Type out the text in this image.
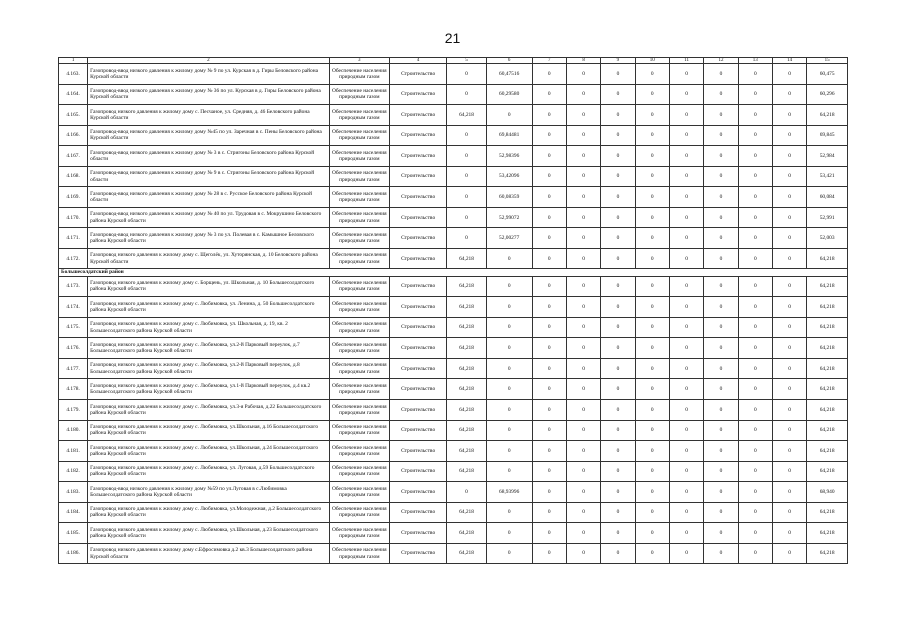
21
1	2	3	4	5	6	7	8	9	10	11	12	13	14	15
4.163.	Газопровод-ввод низкого давления к жилому дому № 9 по ул. Курская в д. Гиры Беловского района Курской области	Обеспечение населения природным газом	Строительство	0	60,47516	0	0	0	0	0	0	0	0	60,475
4.164.	Газопровод-ввод низкого давления к жилому дому № 36 по ул. Курская в д. Гиры Беловского района Курской области	Обеспечение населения природным газом	Строительство	0	60,29580	0	0	0	0	0	0	0	0	60,296
4.165.	Газопровод низкого давления к жилому дому с. Песчаное, ул. Средняя, д. 46 Беловского района Курской области	Обеспечение населения природным газом	Строительство	64,218	0	0	0	0	0	0	0	0	0	64,218
4.166.	Газопровод-ввод низкого давления к жилому дому №45 по ул. Заречная в с. Пены Беловского района Курской области	Обеспечение населения природным газом	Строительство	0	69,84481	0	0	0	0	0	0	0	0	69,845
4.167.	Газопровод-ввод низкого давления к жилому дому № 3 в с. Стригоны Беловского района Курской области	Обеспечение населения природным газом	Строительство	0	52,98396	0	0	0	0	0	0	0	0	52,984
4.168.	Газопровод-ввод низкого давления к жилому дому № 9 в с. Стригоны Беловского района Курской области	Обеспечение населения природным газом	Строительство	0	53,42096	0	0	0	0	0	0	0	0	53,421
4.169.	Газопровод-ввод низкого давления к жилому дому № 28 в с. Русское Беловского района Курской области	Обеспечение населения природным газом	Строительство	0	60,08359	0	0	0	0	0	0	0	0	60,084
4.170.	Газопровод-ввод низкого давления к жилому дому № 40 по ул. Трудовая в с. Мокрушино Беловского района Курской области	Обеспечение населения природным газом	Строительство	0	52,99072	0	0	0	0	0	0	0	0	52,991
4.171.	Газопровод-ввод низкого давления к жилому дому № 3 по ул. Полевая в с. Камышное Беловского района Курской области	Обеспечение населения природным газом	Строительство	0	52,00277	0	0	0	0	0	0	0	0	52,003
4.172.	Газопровод низкого давления к жилому дому с. Щеголёк, ул. Хуторянская, д. 10 Беловского района Курской области	Обеспечение населения природным газом	Строительство	64,218	0	0	0	0	0	0	0	0	0	64,218
Большесолдатский район														
4.173.	Газопровод низкого давления к жилому дому с. Борщень, ул. Школьная, д. 10 Большесолдатского района Курской области	Обеспечение населения природным газом	Строительство	64,218	0	0	0	0	0	0	0	0	0	64,218
4.174.	Газопровод низкого давления к жилому дому с. Любимовка, ул. Ленина, д. 50 Большесолдатского района Курской области	Обеспечение населения природным газом	Строительство	64,218	0	0	0	0	0	0	0	0	0	64,218
4.175.	Газопровод низкого давления к жилому дому с. Любимовка, ул. Школьная, д. 19, кв. 2 Большесолдатского района Курской области	Обеспечение населения природным газом	Строительство	64,218	0	0	0	0	0	0	0	0	0	64,218
4.176.	Газопровод низкого давления к жилому дому с. Любимовка, ул.2-й Парковый переулок, д.7 Большесолдатского района Курской области	Обеспечение населения природным газом	Строительство	64,218	0	0	0	0	0	0	0	0	0	64,218
4.177.	Газопровод низкого давления к жилому дому с. Любимовка, ул.2-й Парковый переулок, д.8 Большесолдатского района Курской области	Обеспечение населения природным газом	Строительство	64,218	0	0	0	0	0	0	0	0	0	64,218
4.178.	Газопровод низкого давления к жилому дому с. Любимовка, ул.1-й Парковый переулок, д.4 кв.2 Большесолдатского района Курской области	Обеспечение населения природным газом	Строительство	64,218	0	0	0	0	0	0	0	0	0	64,218
4.179.	Газопровод низкого давления к жилому дому с. Любимовка, ул.3-я Рабочая, д.22 Большесолдатского района Курской области	Обеспечение населения природным газом	Строительство	64,218	0	0	0	0	0	0	0	0	0	64,218
4.180.	Газопровод низкого давления к жилому дому с. Любимовка, ул.Школьная, д.16 Большесолдатского района Курской области	Обеспечение населения природным газом	Строительство	64,218	0	0	0	0	0	0	0	0	0	64,218
4.181.	Газопровод низкого давления к жилому дому с. Любимовка, ул.Школьная, д.24 Большесолдатского района Курской области	Обеспечение населения природным газом	Строительство	64,218	0	0	0	0	0	0	0	0	0	64,218
4.182.	Газопровод низкого давления к жилому дому с. Любимовка, ул. Луговая, д.59 Большесолдатского района Курской области	Обеспечение населения природным газом	Строительство	64,218	0	0	0	0	0	0	0	0	0	64,218
4.183.	Газопровод-ввод низкого давления к жилому дому №59 по ул.Луговая в с.Любимовка Большесолдатского района Курской области	Обеспечение населения природным газом	Строительство	0	68,93996	0	0	0	0	0	0	0	0	68,940
4.184.	Газопровод низкого давления к жилому дому с. Любимовка, ул.Молодежная, д.2 Большесолдатского района Курской области	Обеспечение населения природным газом	Строительство	64,218	0	0	0	0	0	0	0	0	0	64,218
4.185.	Газопровод низкого давления к жилому дому с. Любимовка, ул.Школьная, д.23 Большесолдатского района Курской области	Обеспечение населения природным газом	Строительство	64,218	0	0	0	0	0	0	0	0	0	64,218
4.186.	Газопровод низкого давления к жилому дому с.Ефросимовка д.2 кв.3 Большесолдатского района Курской области	Обеспечение населения природным газом	Строительство	64,218	0	0	0	0	0	0	0	0	0	64,218
